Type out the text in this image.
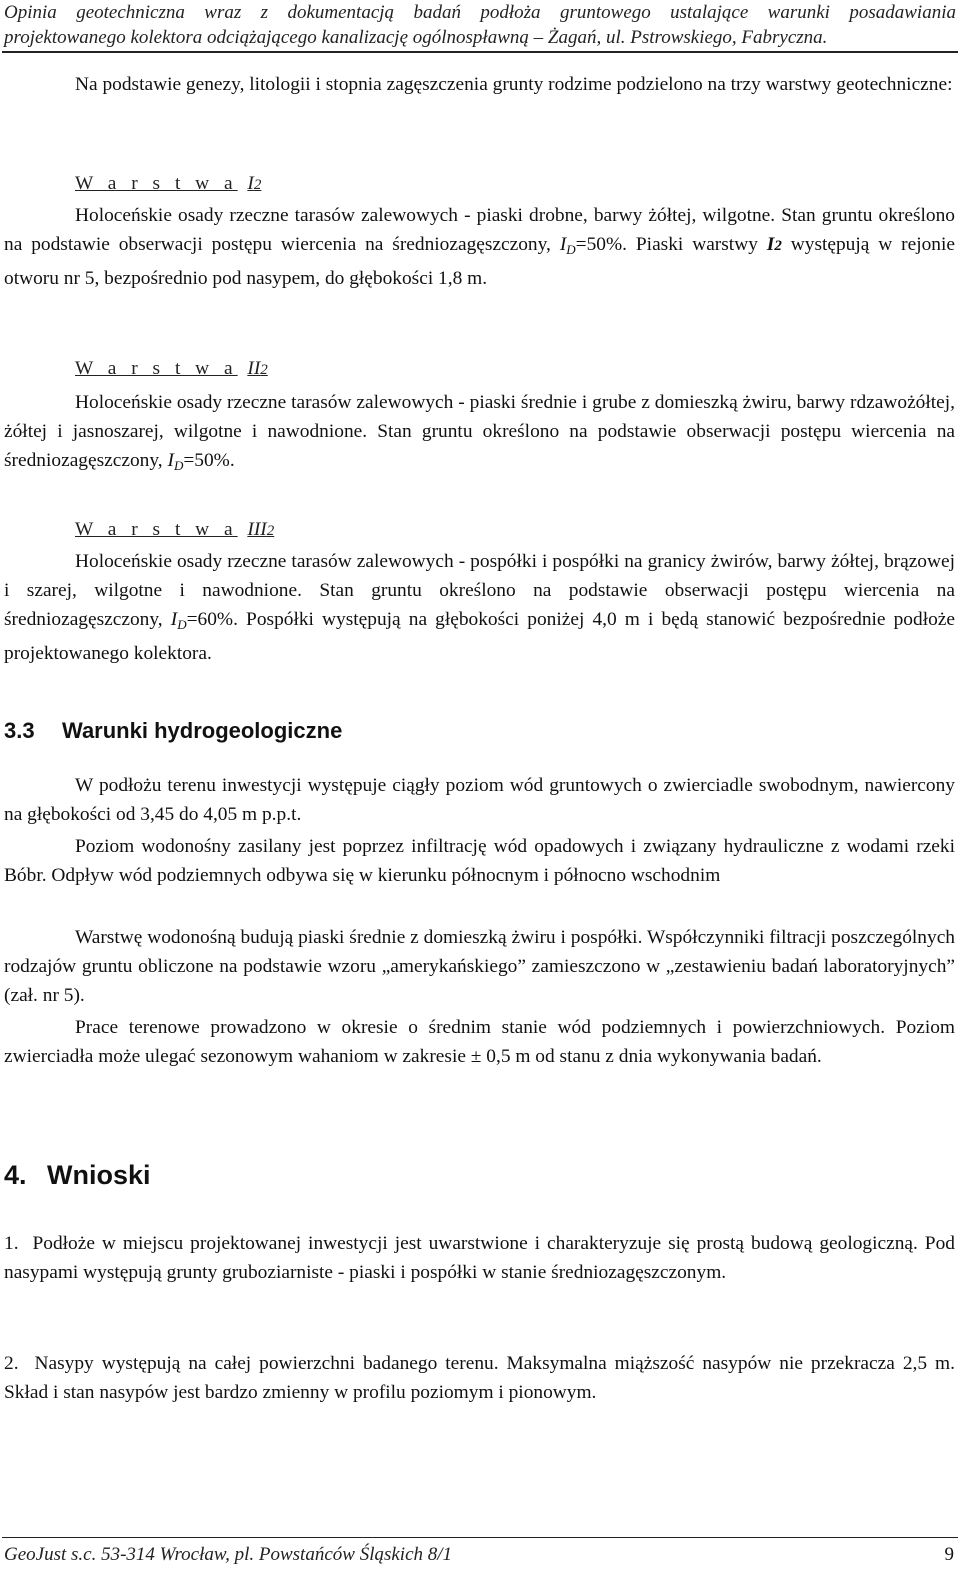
Opinia geotechniczna wraz z dokumentacją badań podłoża gruntowego ustalające warunki posadawiania
projektowanego kolektora odciążającego kanalizację ogólnospławną – Żagań, ul. Pstrowskiego, Fabryczna.
Na podstawie genezy, litologii i stopnia zagęszczenia grunty rodzime podzielono na trzy warstwy geotechniczne:
W a r s t w a I2
Holoceńskie osady rzeczne tarasów zalewowych - piaski drobne, barwy żółtej, wilgotne. Stan gruntu określono na podstawie obserwacji postępu wiercenia na średniozagęszczony, $I_D=50\%$. Piaski warstwy I2 występują w rejonie otworu nr 5, bezpośrednio pod nasypem, do głębokości 1,8 m.
W a r s t w a II2
Holoceńskie osady rzeczne tarasów zalewowych - piaski średnie i grube z domieszką żwiru, barwy rdzawożółtej, żółtej i jasnoszarej, wilgotne i nawodnione. Stan gruntu określono na podstawie obserwacji postępu wiercenia na średniozagęszczony, $I_D=50\%$.
W a r s t w a III2
Holoceńskie osady rzeczne tarasów zalewowych - pospółki i pospółki na granicy żwirów, barwy żółtej, brązowej i szarej, wilgotne i nawodnione. Stan gruntu określono na podstawie obserwacji postępu wiercenia na średniozagęszczony, $I_D=60\%$. Pospółki występują na głębokości poniżej 4,0 m i będą stanowić bezpośrednie podłoże projektowanego kolektora.
3.3 Warunki hydrogeologiczne
W podłożu terenu inwestycji występuje ciągły poziom wód gruntowych o zwierciadle swobodnym, nawiercony na głębokości od 3,45 do 4,05 m p.p.t.
Poziom wodonośny zasilany jest poprzez infiltrację wód opadowych i związany hydrauliczne z wodami rzeki Bóbr. Odpływ wód podziemnych odbywa się w kierunku północnym i północno wschodnim
Warstwę wodonośną budują piaski średnie z domieszką żwiru i pospółki. Współczynniki filtracji poszczególnych rodzajów gruntu obliczone na podstawie wzoru „amerykańskiego” zamieszczono w „zestawieniu badań laboratoryjnych” (zał. nr 5).
Prace terenowe prowadzono w okresie o średnim stanie wód podziemnych i powierzchniowych. Poziom zwierciadła może ulegać sezonowym wahaniom w zakresie ± 0,5 m od stanu z dnia wykonywania badań.
4. Wnioski
1.  Podłoże w miejscu projektowanej inwestycji jest uwarstwione i charakteryzuje się prostą budową geologiczną. Pod nasypami występują grunty gruboziarniste - piaski i pospółki w stanie średniozagęszczonym.
2.  Nasypy występują na całej powierzchni badanego terenu. Maksymalna miąższość nasypów nie przekracza 2,5 m. Skład i stan nasypów jest bardzo zmienny w profilu poziomym i pionowym.
GeoJust s.c. 53-314 Wrocław, pl. Powstańców Śląskich 8/1	9
